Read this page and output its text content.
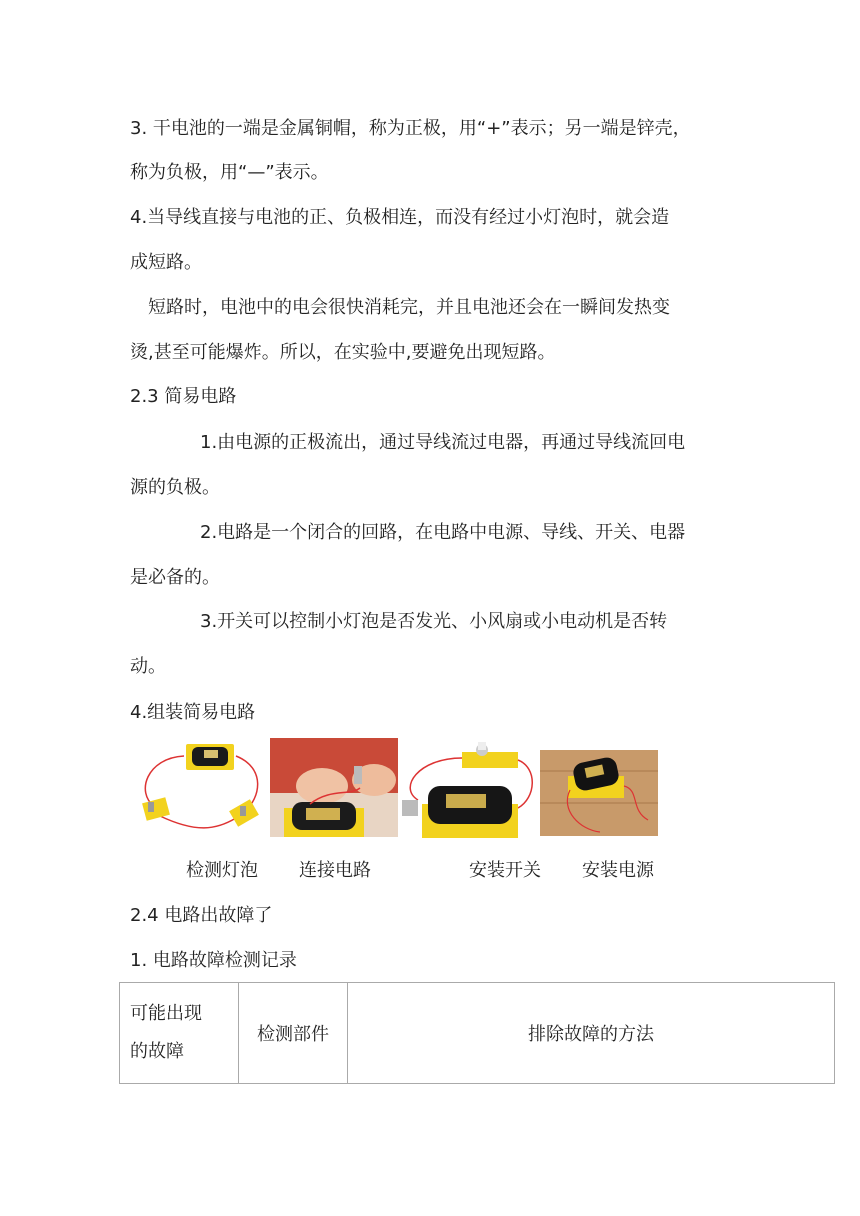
3. 干电池的一端是金属铜帽，称为正极，用“+”表示；另一端是锌壳，
称为负极，用“—”表示。
4.当导线直接与电池的正、负极相连，而没有经过小灯泡时，就会造
成短路。
短路时，电池中的电会很快消耗完，并且电池还会在一瞬间发热变
烫,甚至可能爆炸。所以，在实验中,要避免出现短路。
2.3 简易电路
1.由电源的正极流出，通过导线流过电器，再通过导线流回电
源的负极。
2.电路是一个闭合的回路，在电路中电源、导线、开关、电器
是必备的。
3.开关可以控制小灯泡是否发光、小风扇或小电动机是否转
动。
4.组装简易电路
检测灯泡 连接电路	安装开关 安装电源
2.4 电路出故障了
1. 电路故障检测记录
可能出现
的故障
	检测部件	排除故障的方法
